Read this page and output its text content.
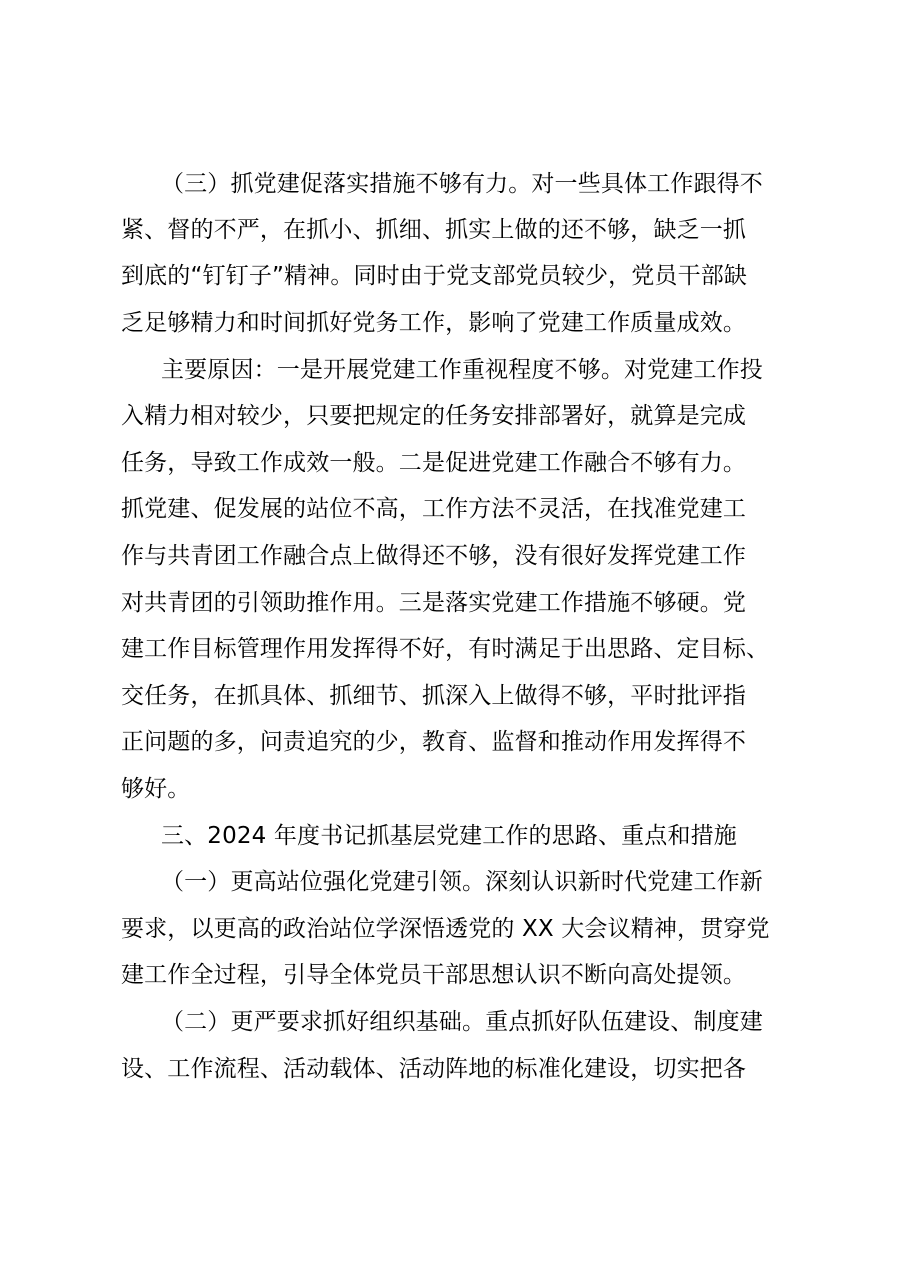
（三）抓党建促落实措施不够有力。对一些具体工作跟得不
紧、督的不严，在抓小、抓细、抓实上做的还不够，缺乏一抓
到底的“钉钉子”精神。同时由于党支部党员较少，党员干部缺
乏足够精力和时间抓好党务工作，影响了党建工作质量成效。
主要原因：一是开展党建工作重视程度不够。对党建工作投
入精力相对较少，只要把规定的任务安排部署好，就算是完成
任务，导致工作成效一般。二是促进党建工作融合不够有力。
抓党建、促发展的站位不高，工作方法不灵活，在找准党建工
作与共青团工作融合点上做得还不够，没有很好发挥党建工作
对共青团的引领助推作用。三是落实党建工作措施不够硬。党
建工作目标管理作用发挥得不好，有时满足于出思路、定目标、
交任务，在抓具体、抓细节、抓深入上做得不够，平时批评指
正问题的多，问责追究的少，教育、监督和推动作用发挥得不
够好。
三、2024 年度书记抓基层党建工作的思路、重点和措施
（一）更高站位强化党建引领。深刻认识新时代党建工作新
要求，以更高的政治站位学深悟透党的 XX 大会议精神，贯穿党
建工作全过程，引导全体党员干部思想认识不断向高处提领。
（二）更严要求抓好组织基础。重点抓好队伍建设、制度建
设、工作流程、活动载体、活动阵地的标准化建设，切实把各
